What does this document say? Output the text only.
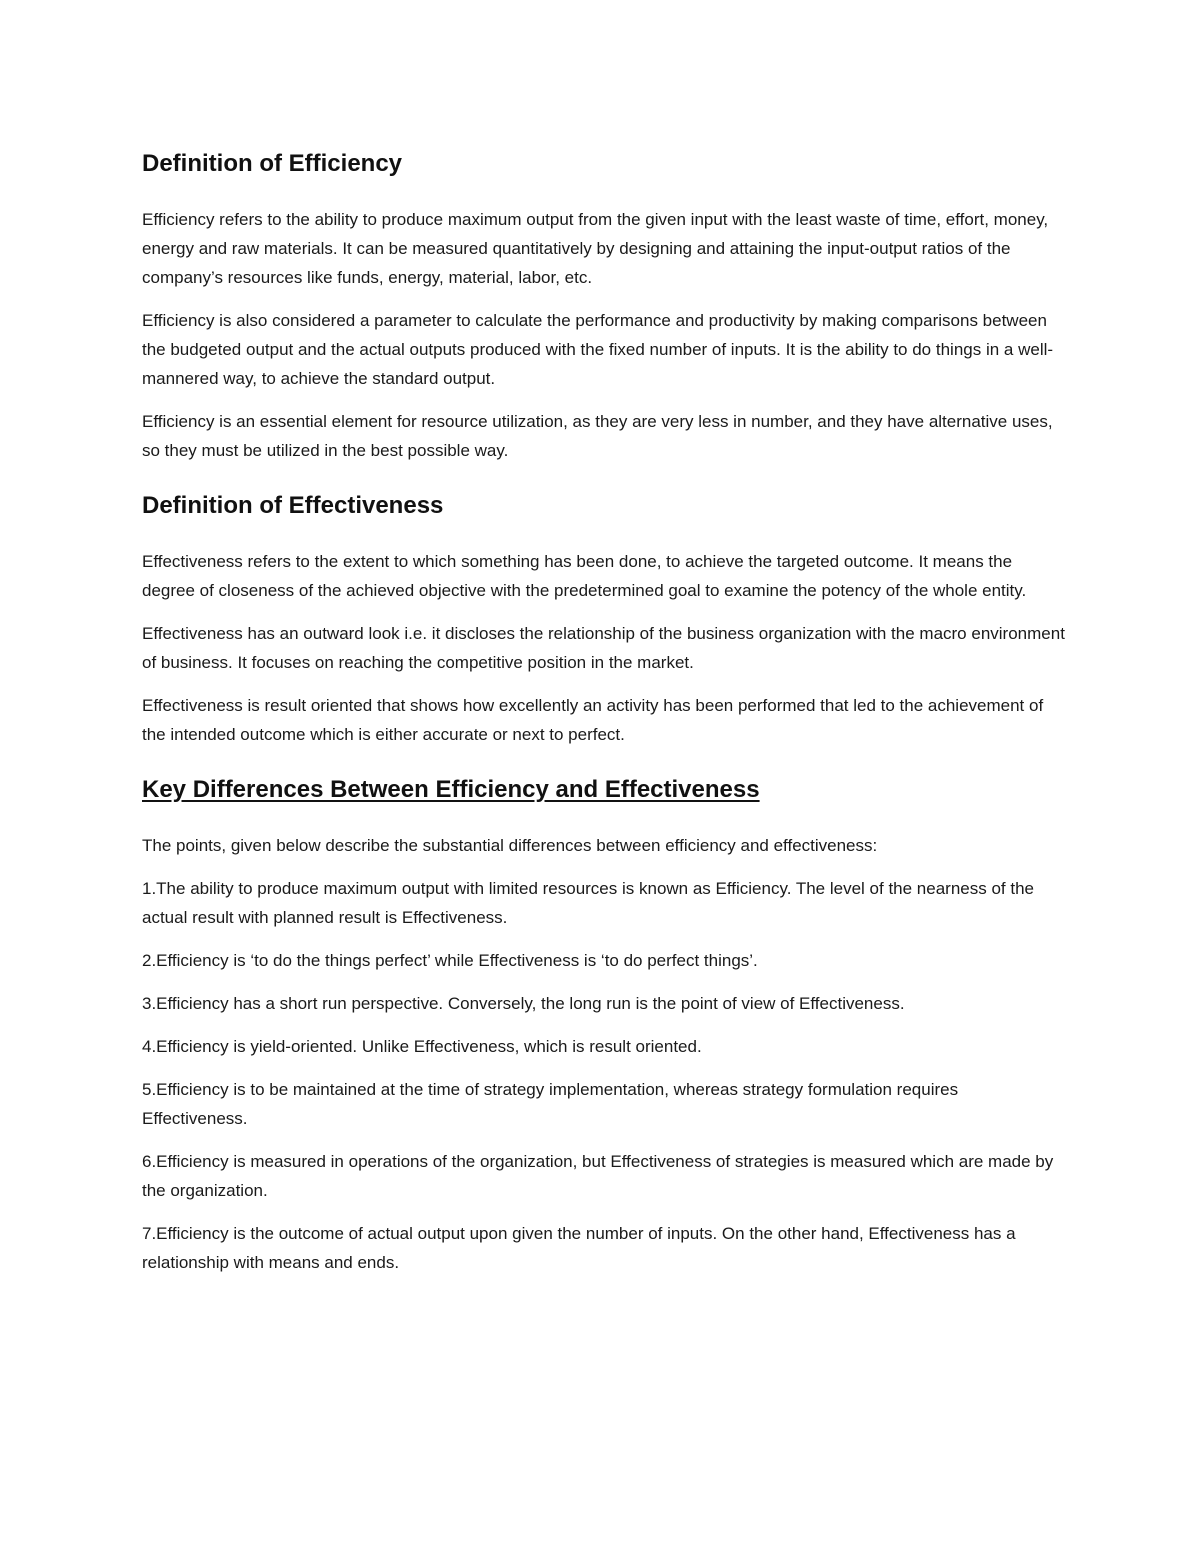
Definition of Efficiency

Efficiency refers to the ability to produce maximum output from the given input with the least waste of time, effort, money, energy and raw materials. It can be measured quantitatively by designing and attaining the input-output ratios of the company’s resources like funds, energy, material, labor, etc.

Efficiency is also considered a parameter to calculate the performance and productivity by making comparisons between the budgeted output and the actual outputs produced with the fixed number of inputs. It is the ability to do things in a well-mannered way, to achieve the standard output.

Efficiency is an essential element for resource utilization, as they are very less in number, and they have alternative uses, so they must be utilized in the best possible way.

Definition of Effectiveness

Effectiveness refers to the extent to which something has been done, to achieve the targeted outcome. It means the degree of closeness of the achieved objective with the predetermined goal to examine the potency of the whole entity.

Effectiveness has an outward look i.e. it discloses the relationship of the business organization with the macro environment of business. It focuses on reaching the competitive position in the market.

Effectiveness is result oriented that shows how excellently an activity has been performed that led to the achievement of the intended outcome which is either accurate or next to perfect.

Key Differences Between Efficiency and Effectiveness

The points, given below describe the substantial differences between efficiency and effectiveness:

1.The ability to produce maximum output with limited resources is known as Efficiency. The level of the nearness of the actual result with planned result is Effectiveness.

2.Efficiency is ‘to do the things perfect’ while Effectiveness is ‘to do perfect things’.

3.Efficiency has a short run perspective. Conversely, the long run is the point of view of Effectiveness.

4.Efficiency is yield-oriented. Unlike Effectiveness, which is result oriented.

5.Efficiency is to be maintained at the time of strategy implementation, whereas strategy formulation requires Effectiveness.

6.Efficiency is measured in operations of the organization, but Effectiveness of strategies is measured which are made by the organization.

7.Efficiency is the outcome of actual output upon given the number of inputs. On the other hand, Effectiveness has a relationship with means and ends.
